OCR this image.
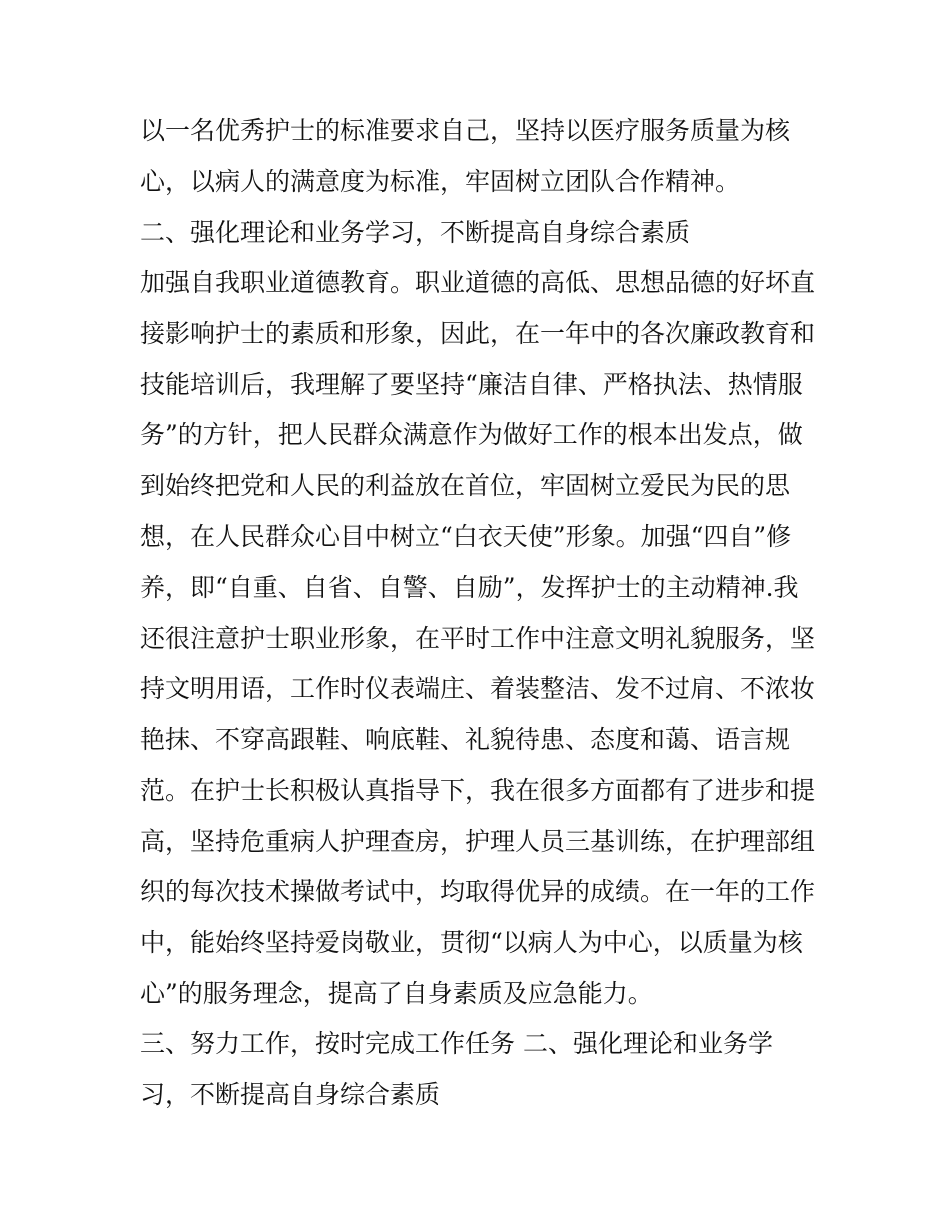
以一名优秀护士的标准要求自己，坚持以医疗服务质量为核
心，以病人的满意度为标准，牢固树立团队合作精神。
二、强化理论和业务学习，不断提高自身综合素质
加强自我职业道德教育。职业道德的高低、思想品德的好坏直
接影响护士的素质和形象，因此，在一年中的各次廉政教育和
技能培训后，我理解了要坚持“廉洁自律、严格执法、热情服
务”的方针，把人民群众满意作为做好工作的根本出发点，做
到始终把党和人民的利益放在首位，牢固树立爱民为民的思
想，在人民群众心目中树立“白衣天使”形象。加强“四自”修
养，即“自重、自省、自警、自励”，发挥护士的主动精神.我
还很注意护士职业形象，在平时工作中注意文明礼貌服务，坚
持文明用语，工作时仪表端庄、着装整洁、发不过肩、不浓妆
艳抹、不穿高跟鞋、响底鞋、礼貌待患、态度和蔼、语言规
范。在护士长积极认真指导下，我在很多方面都有了进步和提
高，坚持危重病人护理查房，护理人员三基训练，在护理部组
织的每次技术操做考试中，均取得优异的成绩。在一年的工作
中，能始终坚持爱岗敬业，贯彻“以病人为中心，以质量为核
心”的服务理念，提高了自身素质及应急能力。
三、努力工作，按时完成工作任务 二、强化理论和业务学
习，不断提高自身综合素质
